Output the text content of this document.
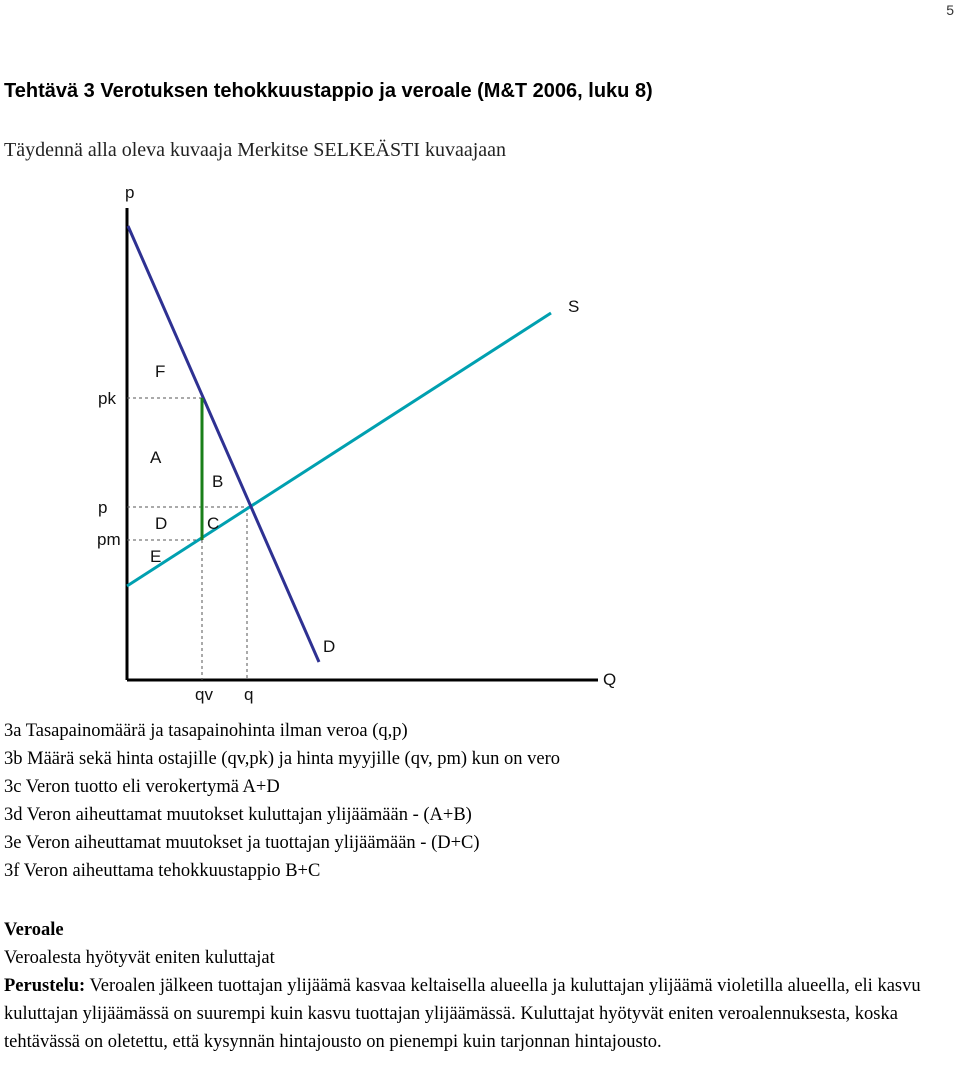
5
Tehtävä 3 Verotuksen tehokkuustappio ja veroale (M&T 2006, luku 8)
Täydennä alla oleva kuvaaja Merkitse SELKEÄSTI kuvaajaan
p
S
F
pk
A
B
p
D C
pm
E
D
Q
qv q
3a Tasapainomäärä ja tasapainohinta ilman veroa (q,p)
3b Määrä sekä hinta ostajille (qv,pk) ja hinta myyjille (qv, pm) kun on vero
3c Veron tuotto eli verokertymä A+D
3d Veron aiheuttamat muutokset kuluttajan ylijäämään - (A+B)
3e Veron aiheuttamat muutokset ja tuottajan ylijäämään - (D+C)
3f Veron aiheuttama tehokkuustappio B+C
Veroale
Veroalesta hyötyvät eniten kuluttajat
Perustelu: Veroalen jälkeen tuottajan ylijäämä kasvaa keltaisella alueella ja kuluttajan ylijäämä violetilla alueella, eli kasvu kuluttajan ylijäämässä on suurempi kuin kasvu tuottajan ylijäämässä. Kuluttajat hyötyvät eniten veroalennuksesta, koska tehtävässä on oletettu, että kysynnän hintajousto on pienempi kuin tarjonnan hintajousto.
